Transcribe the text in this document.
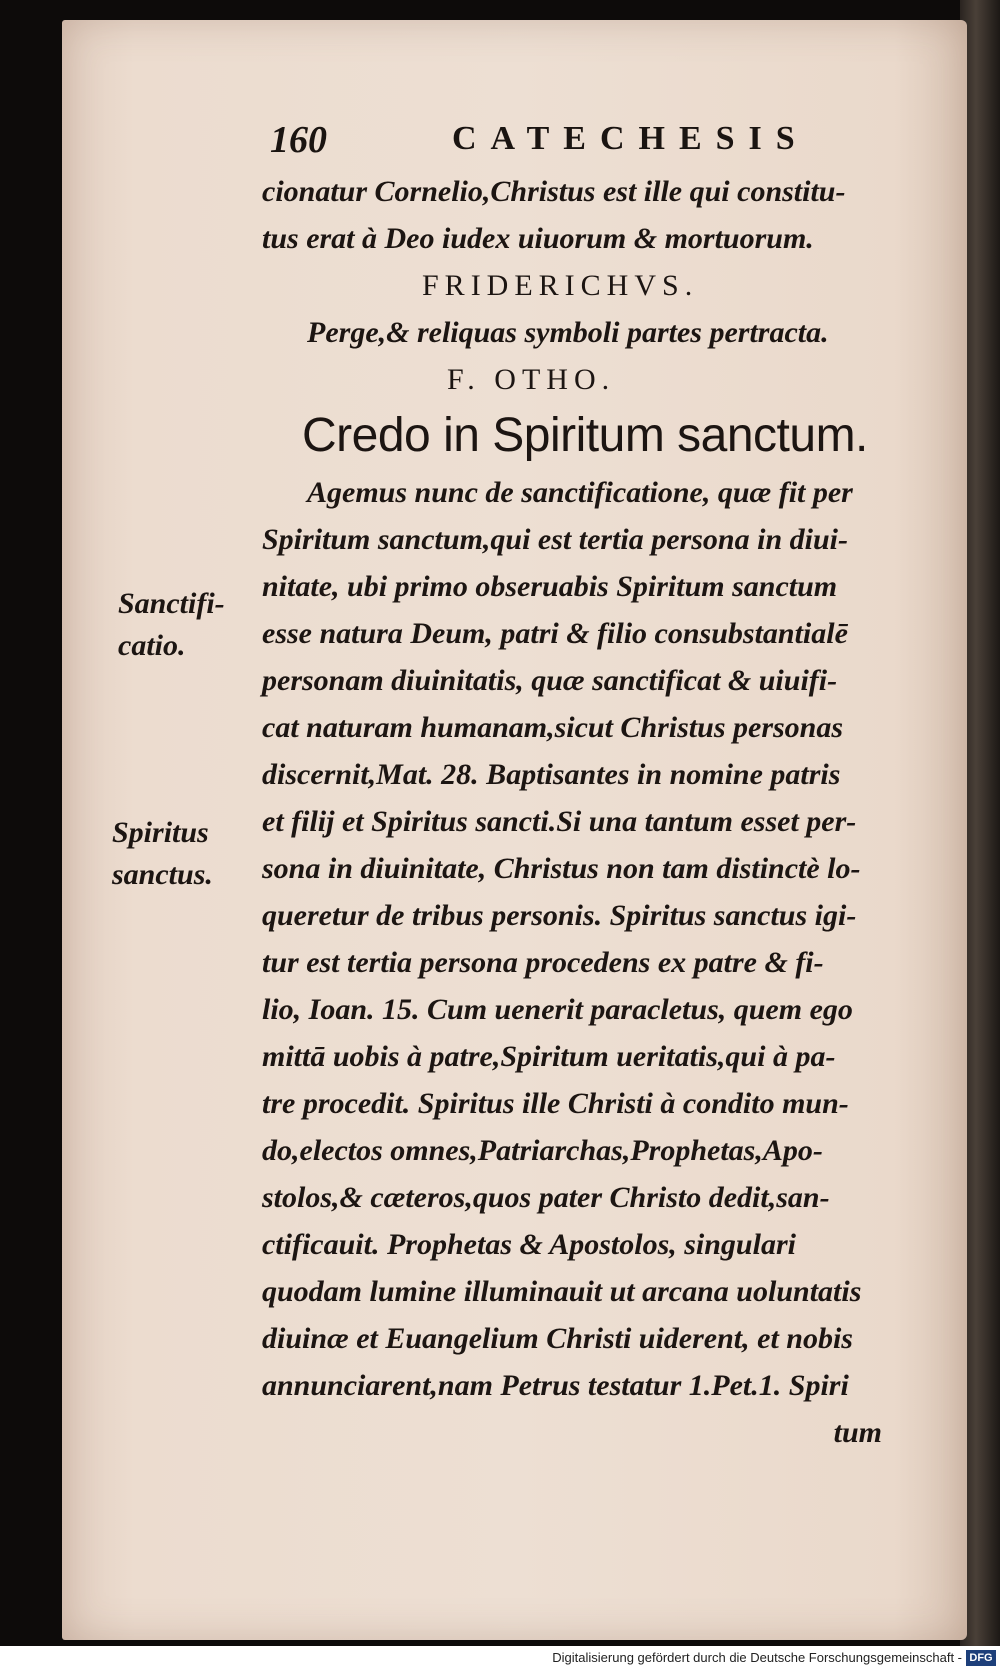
160	CATECHESIS
cionatur Cornelio,Christus est ille qui constitu-
tus erat à Deo iudex uiuorum & mortuorum.
FRIDERICHVS.
Perge,& reliquas symboli partes pertracta.
F. OTHO.
Credo in Spiritum sanctum.
Agemus nunc de sanctificatione, quæ fit per
Spiritum sanctum,qui est tertia persona in diui-
nitate, ubi primo obseruabis Spiritum sanctum
esse natura Deum, patri & filio consubstantialē
personam diuinitatis, quæ sanctificat & uiuifi-
cat naturam humanam,sicut Christus personas
discernit,Mat. 28. Baptisantes in nomine patris
et filij et Spiritus sancti.Si una tantum esset per-
sona in diuinitate, Christus non tam distinctè lo-
queretur de tribus personis. Spiritus sanctus igi-
tur est tertia persona procedens ex patre & fi-
lio, Ioan. 15. Cum uenerit paracletus, quem ego
mittā uobis à patre,Spiritum ueritatis,qui à pa-
tre procedit. Spiritus ille Christi à condito mun-
do,electos omnes,Patriarchas,Prophetas,Apo-
stolos,& cæteros,quos pater Christo dedit,san-
ctificauit. Prophetas & Apostolos, singulari
quodam lumine illuminauit ut arcana uoluntatis
diuinæ et Euangelium Christi uiderent, et nobis
annunciarent,nam Petrus testatur 1.Pet.1. Spiri
tum
Sanctifi-
catio.
Spiritus
sanctus.
Digitalisierung gefördert durch die Deutsche Forschungsgemeinschaft - DFG
